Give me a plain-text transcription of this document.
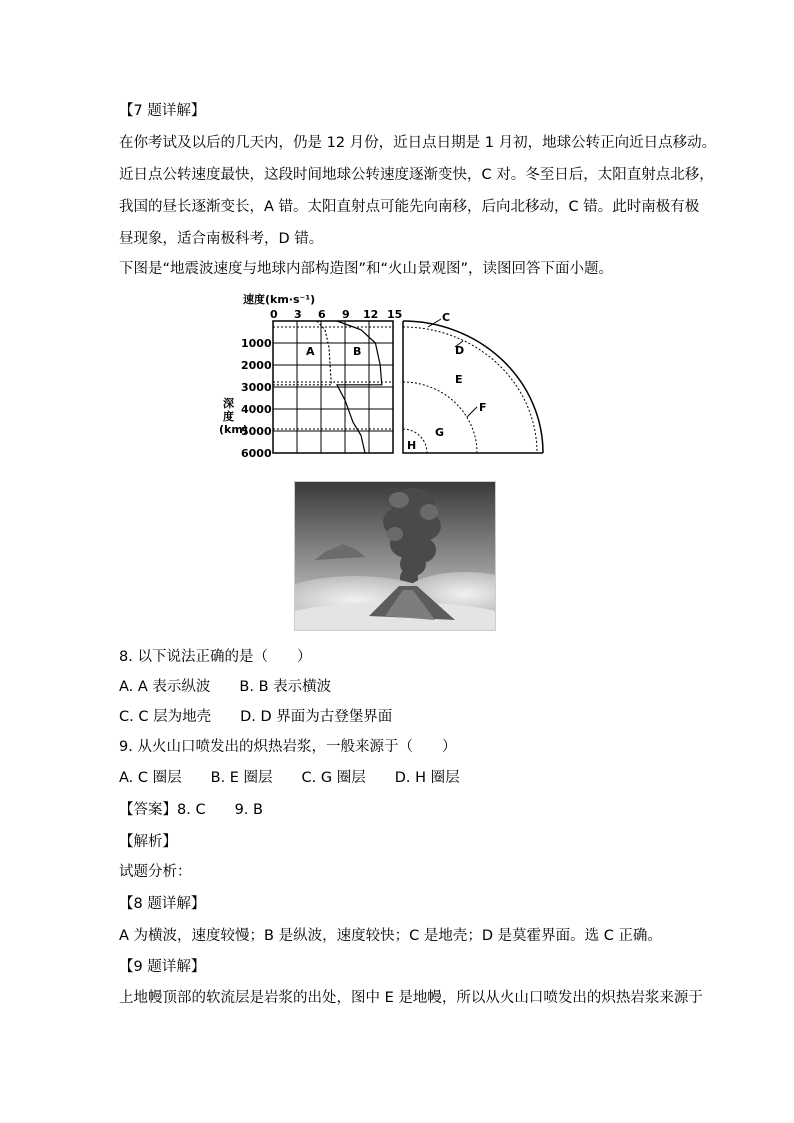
【7 题详解】
在你考试及以后的几天内，仍是 12 月份，近日点日期是 1 月初，地球公转正向近日点移动。
近日点公转速度最快，这段时间地球公转速度逐渐变快，C 对。冬至日后，太阳直射点北移，
我国的昼长逐渐变长，A 错。太阳直射点可能先向南移，后向北移动，C 错。此时南极有极
昼现象，适合南极科考，D 错。
下图是“地震波速度与地球内部构造图”和“火山景观图”，读图回答下面小题。
速度(km·s⁻¹)
0 3 6 9 12 15
1000
2000
3000
4000
5000
6000
深 度 (km)
A	B
C
D
E
F
G
H
8. 以下说法正确的是（　　）
A. A 表示纵波　　B. B 表示横波
C. C 层为地壳　　D. D 界面为古登堡界面
9. 从火山口喷发出的炽热岩浆，一般来源于（　　）
A. C 圈层　　B. E 圈层　　C. G 圈层　　D. H 圈层
【答案】8. C　　9. B
【解析】
试题分析：
【8 题详解】
A 为横波，速度较慢；B 是纵波，速度较快；C 是地壳；D 是莫霍界面。选 C 正确。
【9 题详解】
上地幔顶部的软流层是岩浆的出处，图中 E 是地幔，所以从火山口喷发出的炽热岩浆来源于
